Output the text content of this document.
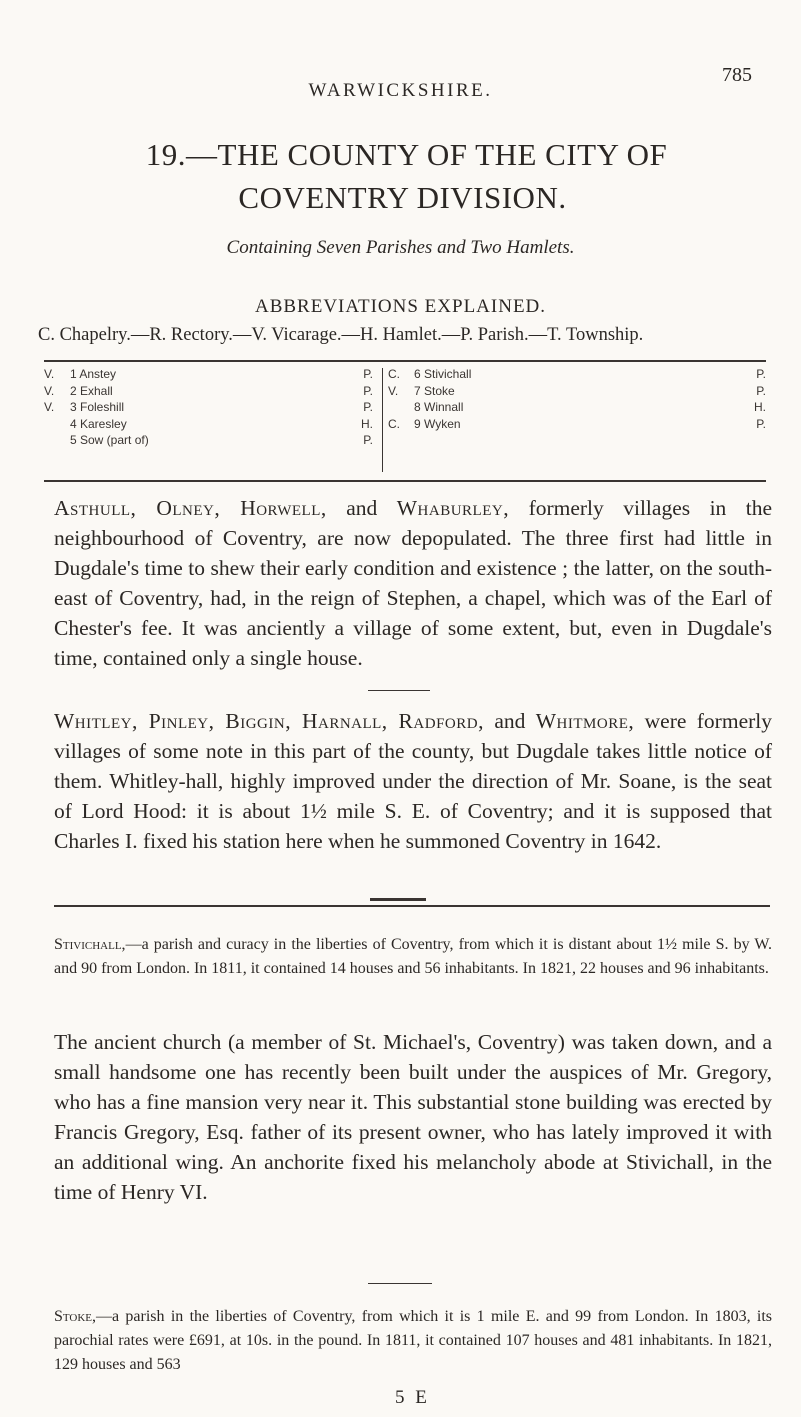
WARWICKSHIRE.
785
19.—THE COUNTY OF THE CITY OF
COVENTRY DIVISION.
Containing Seven Parishes and Two Hamlets.
ABBREVIATIONS EXPLAINED.
C. Chapelry.—R. Rectory.—V. Vicarage.—H. Hamlet.—P. Parish.—T. Township.
V. 1 Anstey	P.
V. 2 Exhall	P.
V. 3 Foleshill	P.
4 Karesley	H.
5 Sow (part of)	P.
C. 6 Stivichall	P.
V. 7 Stoke	P.
8 Winnall	H.
C. 9 Wyken	P.
Asthull, Olney, Horwell, and Whaburley, formerly villages in the neighbourhood of Coventry, are now depopulated. The three first had little in Dugdale's time to shew their early condition and existence ; the latter, on the south-east of Coventry, had, in the reign of Stephen, a chapel, which was of the Earl of Chester's fee. It was anciently a village of some extent, but, even in Dugdale's time, contained only a single house.
Whitley, Pinley, Biggin, Harnall, Radford, and Whitmore, were formerly villages of some note in this part of the county, but Dugdale takes little notice of them. Whitley-hall, highly improved under the direction of Mr. Soane, is the seat of Lord Hood: it is about 1½ mile S. E. of Coventry; and it is supposed that Charles I. fixed his station here when he summoned Coventry in 1642.
Stivichall,—a parish and curacy in the liberties of Coventry, from which it is distant about 1½ mile S. by W. and 90 from London. In 1811, it contained 14 houses and 56 inhabitants. In 1821, 22 houses and 96 inhabitants.
The ancient church (a member of St. Michael's, Coventry) was taken down, and a small handsome one has recently been built under the auspices of Mr. Gregory, who has a fine mansion very near it. This substantial stone building was erected by Francis Gregory, Esq. father of its present owner, who has lately improved it with an additional wing. An anchorite fixed his melancholy abode at Stivichall, in the time of Henry VI.
Stoke,—a parish in the liberties of Coventry, from which it is 1 mile E. and 99 from London. In 1803, its parochial rates were £691, at 10s. in the pound. In 1811, it contained 107 houses and 481 inhabitants. In 1821, 129 houses and 563
5 E
